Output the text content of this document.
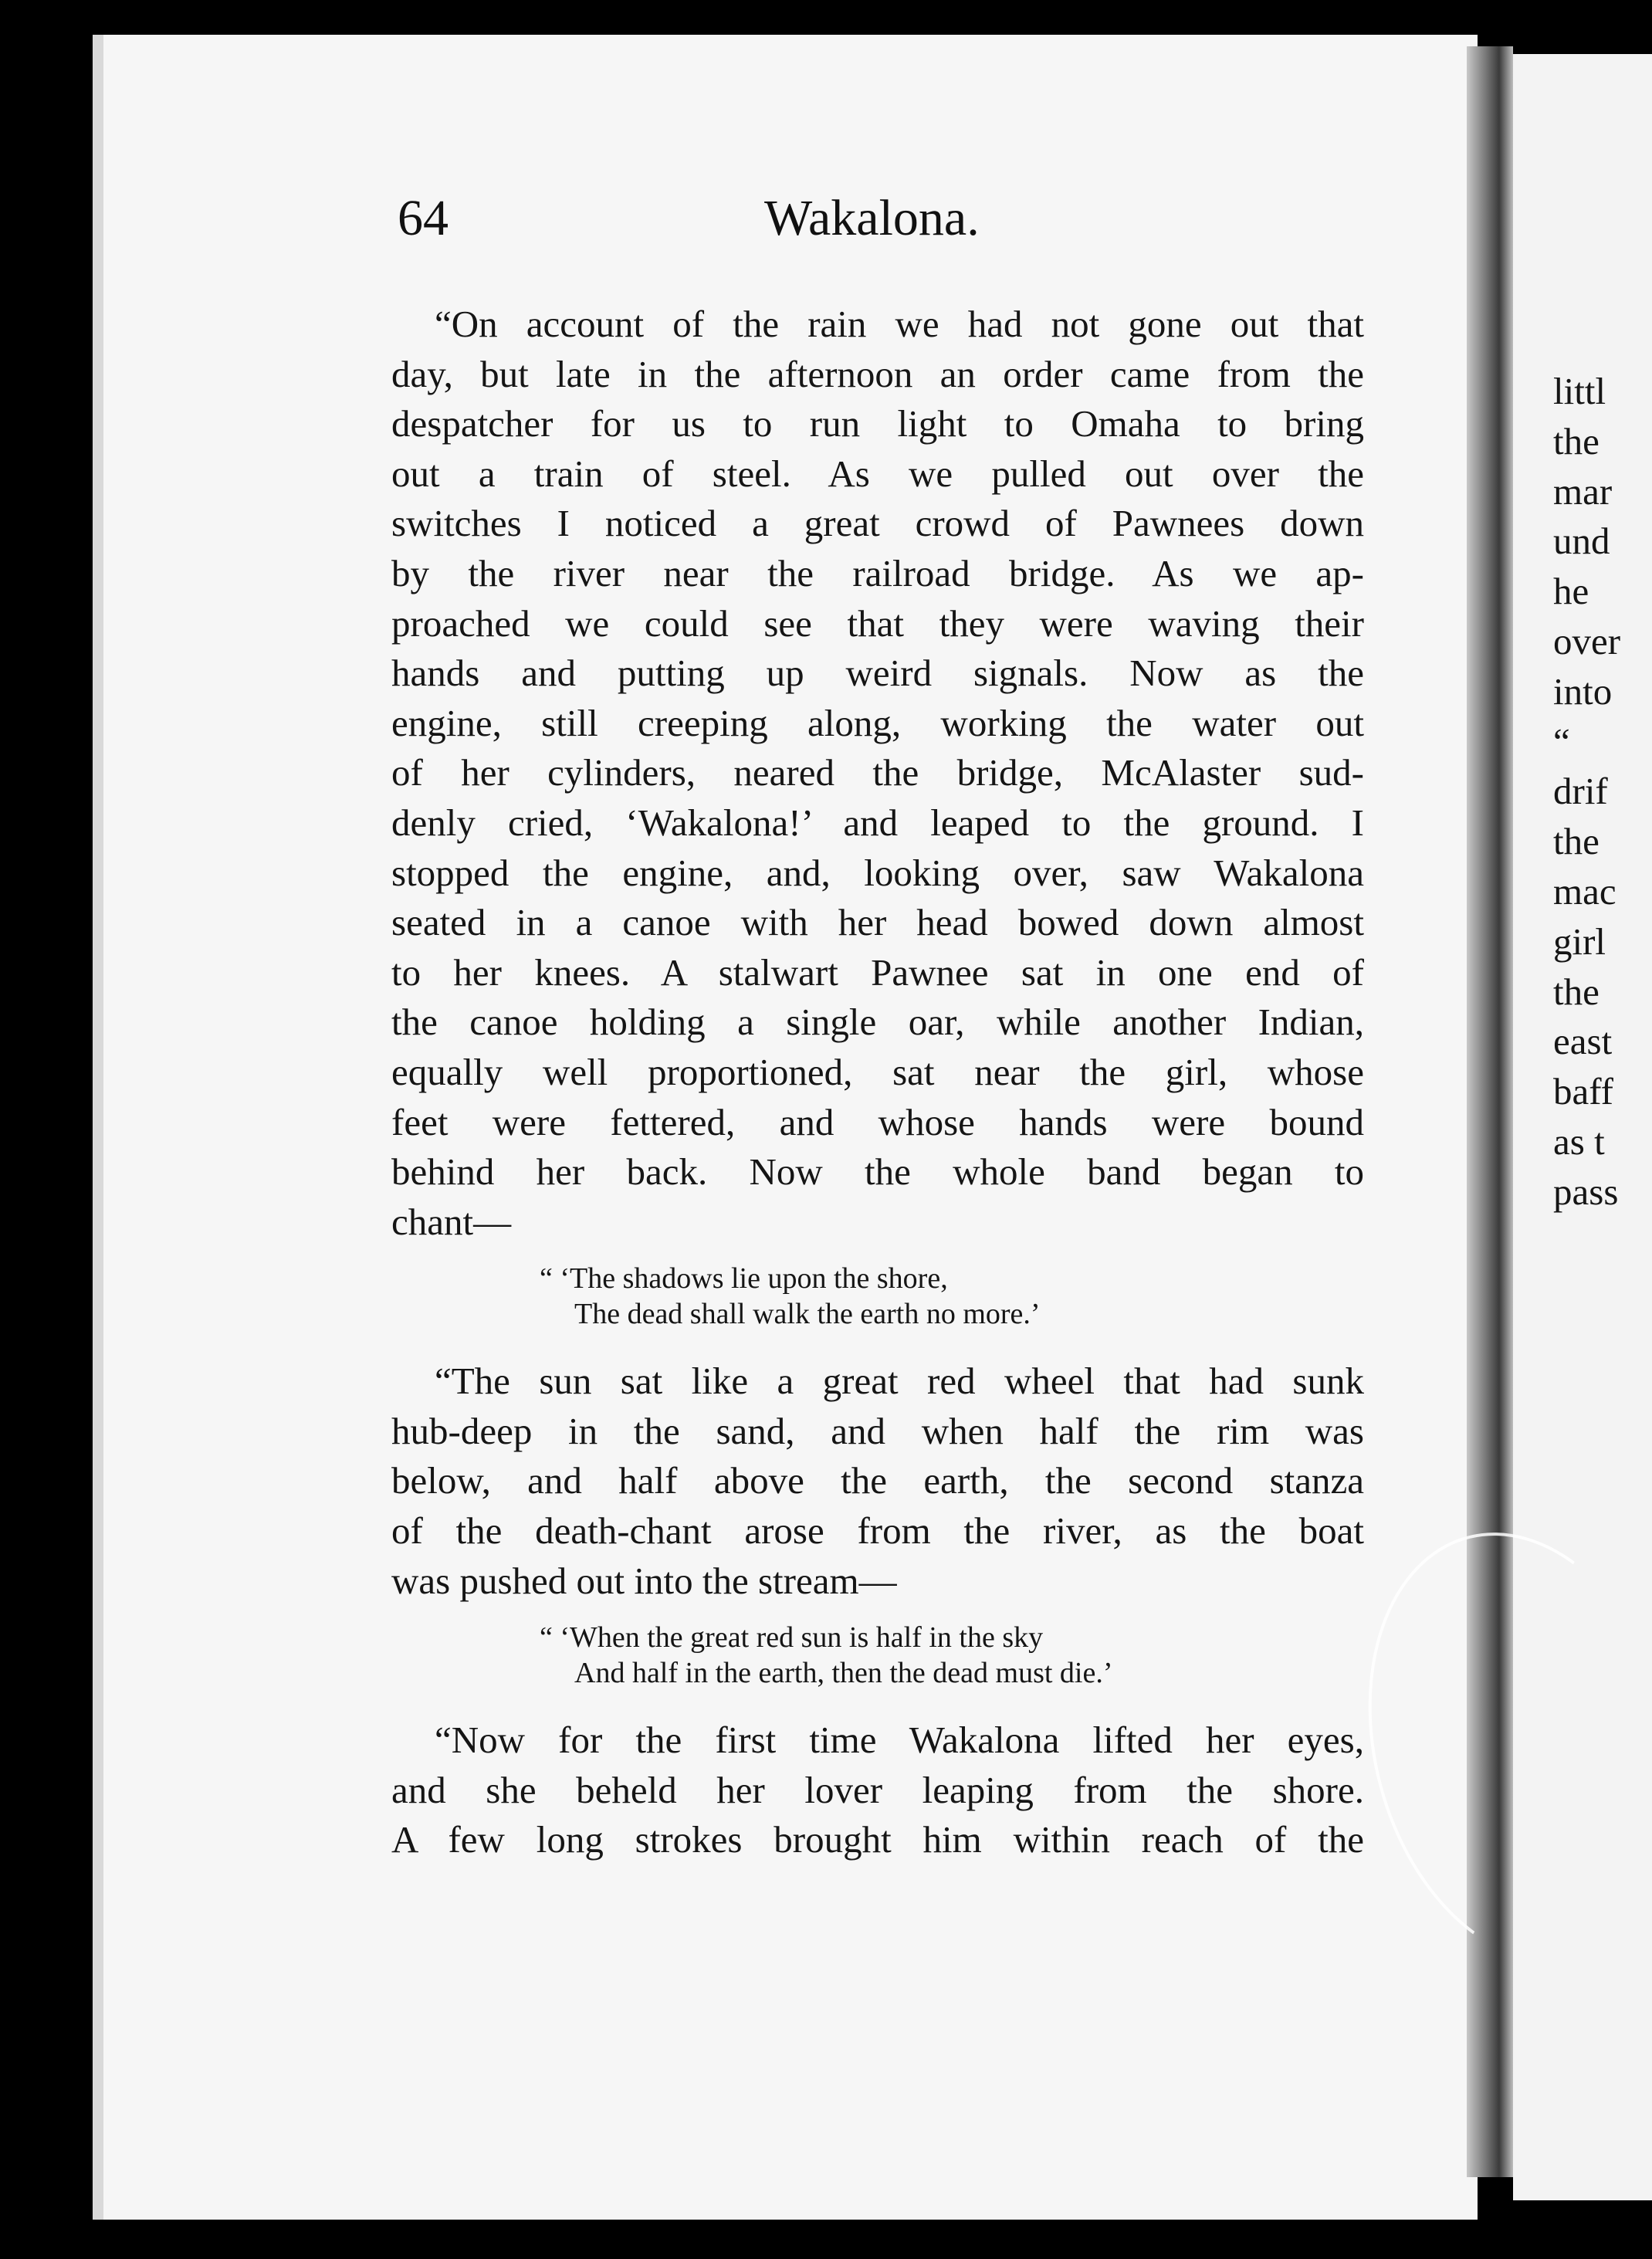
littl
the
mar
und
he
over
into
“
drif
the
mac
girl
the
east
baff
as t
pass
64	Wakalona.
“On account of the rain we had not gone out that
day, but late in the afternoon an order came from the
despatcher for us to run light to Omaha to bring
out a train of steel. As we pulled out over the
switches I noticed a great crowd of Pawnees down
by the river near the railroad bridge. As we ap-
proached we could see that they were waving their
hands and putting up weird signals. Now as the
engine, still creeping along, working the water out
of her cylinders, neared the bridge, McAlaster sud-
denly cried, ‘Wakalona!’ and leaped to the ground. I
stopped the engine, and, looking over, saw Wakalona
seated in a canoe with her head bowed down almost
to her knees. A stalwart Pawnee sat in one end of
the canoe holding a single oar, while another Indian,
equally well proportioned, sat near the girl, whose
feet were fettered, and whose hands were bound
behind her back. Now the whole band began to
chant—
“ ‘The shadows lie upon the shore,
The dead shall walk the earth no more.’
“The sun sat like a great red wheel that had sunk
hub-deep in the sand, and when half the rim was
below, and half above the earth, the second stanza
of the death-chant arose from the river, as the boat
was pushed out into the stream—
“ ‘When the great red sun is half in the sky
And half in the earth, then the dead must die.’
“Now for the first time Wakalona lifted her eyes,
and she beheld her lover leaping from the shore.
A few long strokes brought him within reach of the
